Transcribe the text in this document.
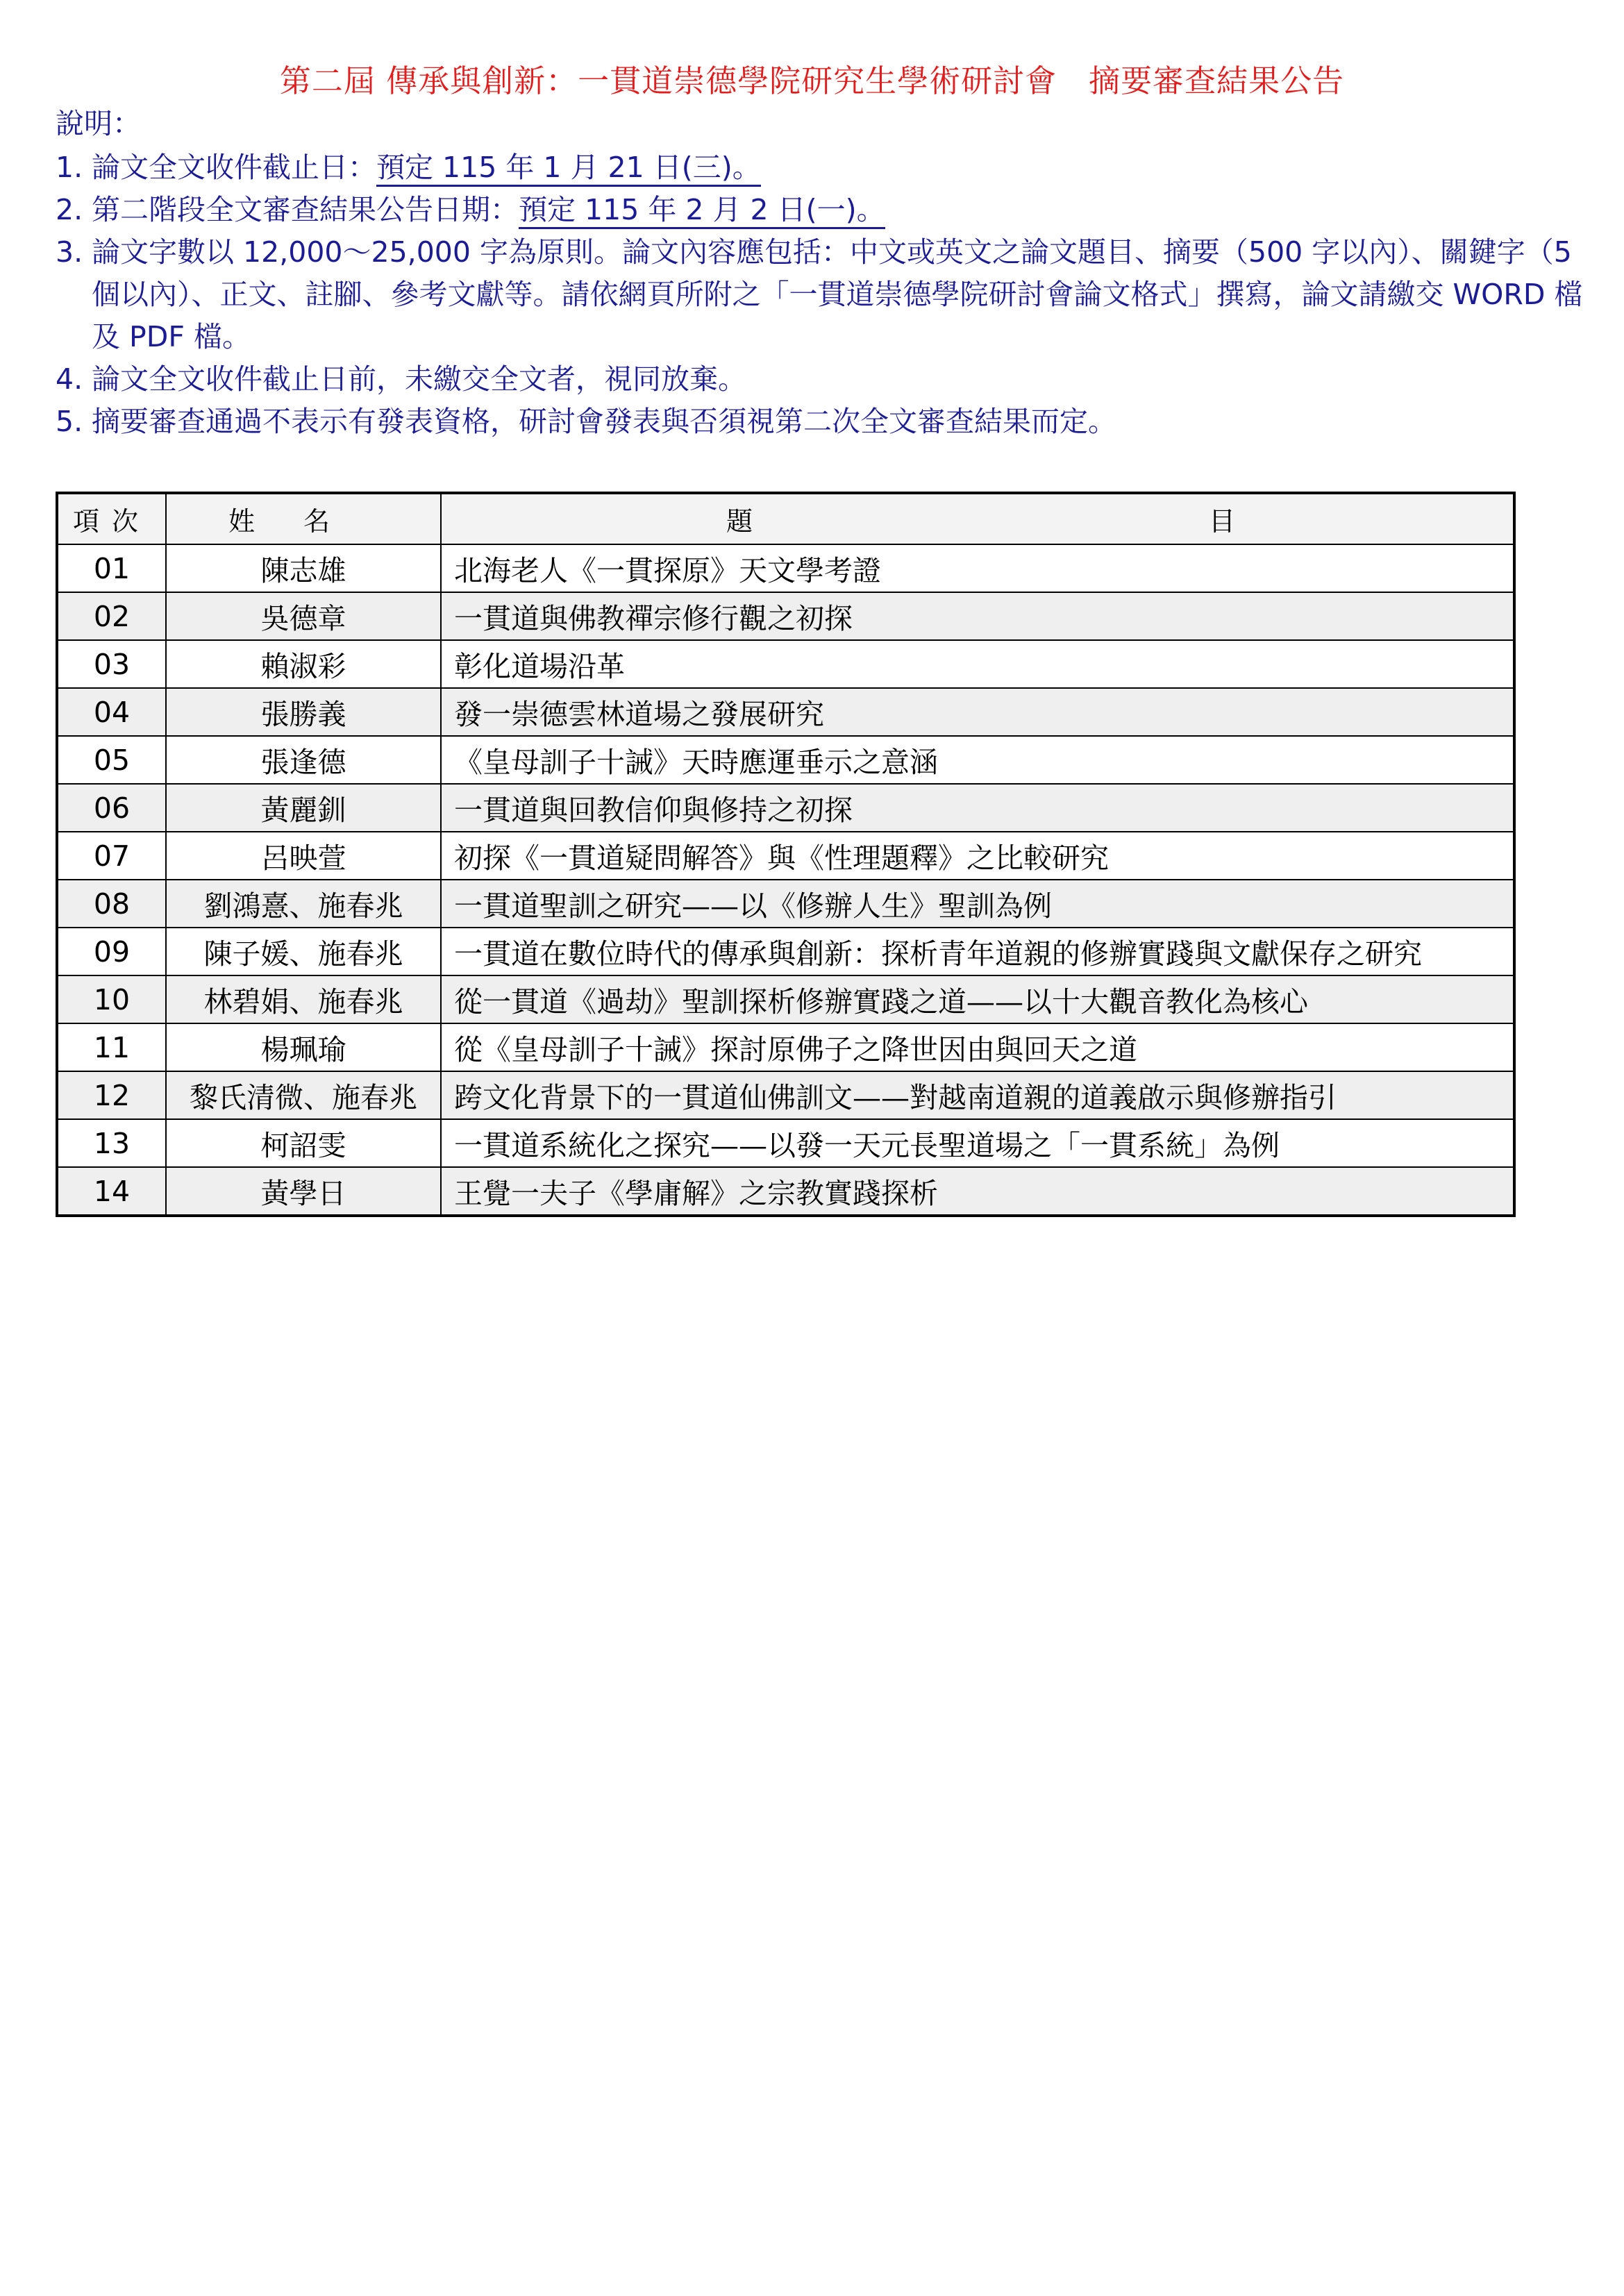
第二屆 傳承與創新：一貫道崇德學院研究生學術研討會　摘要審查結果公告
說明：
1. 論文全文收件截止日：預定 115 年 1 月 21 日(三)。
2. 第二階段全文審查結果公告日期：預定 115 年 2 月 2 日(一)。
3. 論文字數以 12,000～25,000 字為原則。論文內容應包括：中文或英文之論文題目、摘要（500 字以內）、關鍵字（5 個以內）、正文、註腳、參考文獻等。請依網頁所附之「一貫道崇德學院研討會論文格式」撰寫，論文請繳交 WORD 檔及 PDF 檔。
4. 論文全文收件截止日前，未繳交全文者，視同放棄。
5. 摘要審查通過不表示有發表資格，研討會發表與否須視第二次全文審查結果而定。
項次	姓名	題 目

01	陳志雄	北海老人《一貫探原》天文學考證
02	吳德章	一貫道與佛教禪宗修行觀之初探
03	賴淑彩	彰化道場沿革
04	張勝義	發一崇德雲林道場之發展研究
05	張逢德	《皇母訓子十誡》天時應運垂示之意涵
06	黃麗釧	一貫道與回教信仰與修持之初探
07	呂映萱	初探《一貫道疑問解答》與《性理題釋》之比較研究
08	劉鴻憙、施春兆	一貫道聖訓之研究——以《修辦人生》聖訓為例
09	陳子媛、施春兆	一貫道在數位時代的傳承與創新：探析青年道親的修辦實踐與文獻保存之研究
10	林碧娟、施春兆	從一貫道《過劫》聖訓探析修辦實踐之道——以十大觀音教化為核心
11	楊珮瑜	從《皇母訓子十誡》探討原佛子之降世因由與回天之道
12	黎氏清微、施春兆	跨文化背景下的一貫道仙佛訓文——對越南道親的道義啟示與修辦指引
13	柯詔雯	一貫道系統化之探究——以發一天元長聖道場之「一貫系統」為例
14	黃學日	王覺一夫子《學庸解》之宗教實踐探析
